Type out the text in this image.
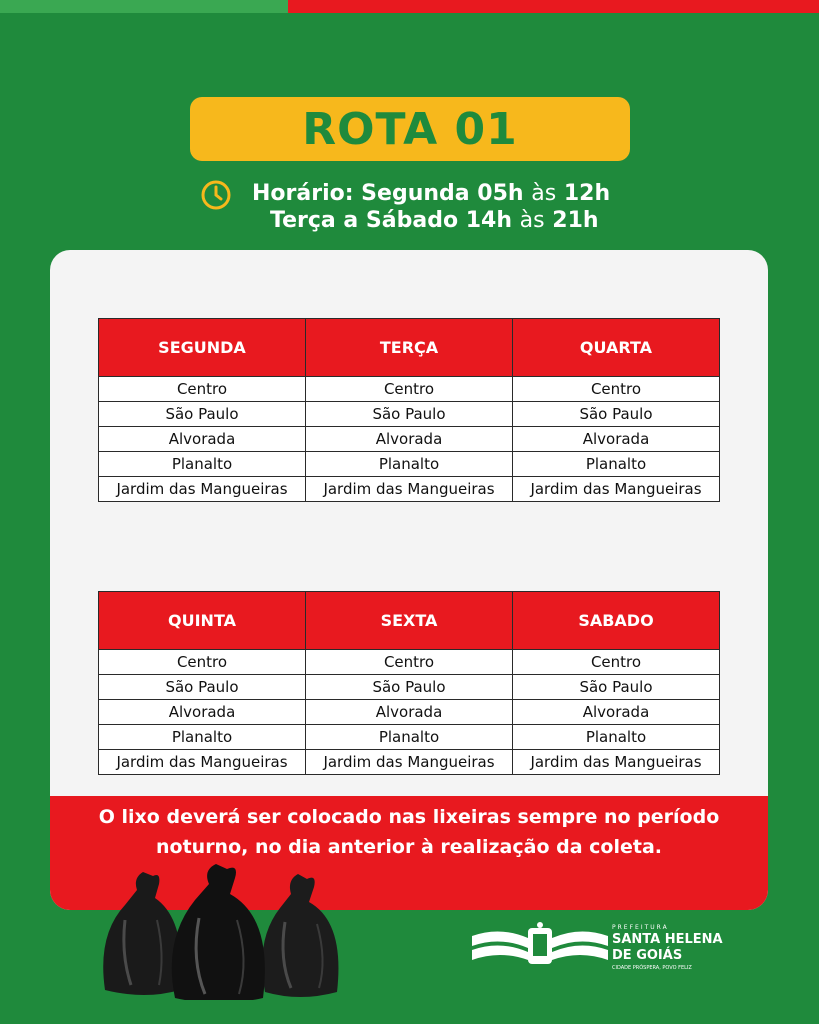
ROTA 01
Horário: Segunda 05h às 12h
Terça a Sábado 14h às 21h
SEGUNDA	TERÇA	QUARTA
Centro	Centro	Centro
São Paulo	São Paulo	São Paulo
Alvorada	Alvorada	Alvorada
Planalto	Planalto	Planalto
Jardim das Mangueiras	Jardim das Mangueiras	Jardim das Mangueiras
QUINTA	SEXTA	SABADO
Centro	Centro	Centro
São Paulo	São Paulo	São Paulo
Alvorada	Alvorada	Alvorada
Planalto	Planalto	Planalto
Jardim das Mangueiras	Jardim das Mangueiras	Jardim das Mangueiras
O lixo deverá ser colocado nas lixeiras sempre no período
noturno, no dia anterior à realização da coleta.
PREFEITURA
SANTA HELENA
DE GOIÁS
CIDADE PRÓSPERA, POVO FELIZ
